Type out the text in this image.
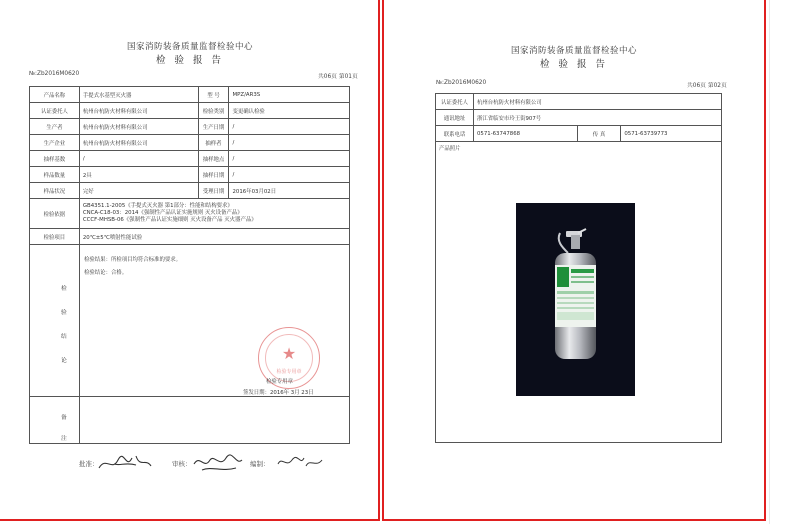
国家消防装备质量监督检验中心
检 验 报 告
№:Zb2016M0620	共06页 第01页
产品名称	手提式水基型灭火器	型 号	MPZ/AR3S
认证委托人	杭州台杭防火材料有限公司	检验类别	变更确认检验
生产者	杭州台杭防火材料有限公司	生产日期	/
生产企业	杭州台杭防火材料有限公司	抽样者	/
抽样基数	/	抽样地点	/
样品数量	2具	抽样日期	/
样品状况	完好	受理日期	2016年03月02日
检验依据	GB4351.1-2005《手提式灭火器 第1部分：性能和结构要求》
CNCA-C18-03：2014《强制性产品认证实施规则 灭火设备产品》
CCCF-MHSB-06《强制性产品认证实施细则 灭火设备产品 灭火器产品》		

检验项目	20℃±5℃喷射性能试验		

检
验
结
论
检验结果：所检项目均符合标准的要求。
检验结论：合格。
★
检验专用章
检验专用章
签发日期：2016年 3月 23日
备
注
批准：	审核：	编制：
国家消防装备质量监督检验中心
检 验 报 告
№:Zb2016M0620	共06页 第02页
认证委托人	杭州台杭防火材料有限公司		
通讯地址	浙江省临安市玲王街907号		
联系电话	0571-63747868	传 真	0571-63739773
产品照片			
